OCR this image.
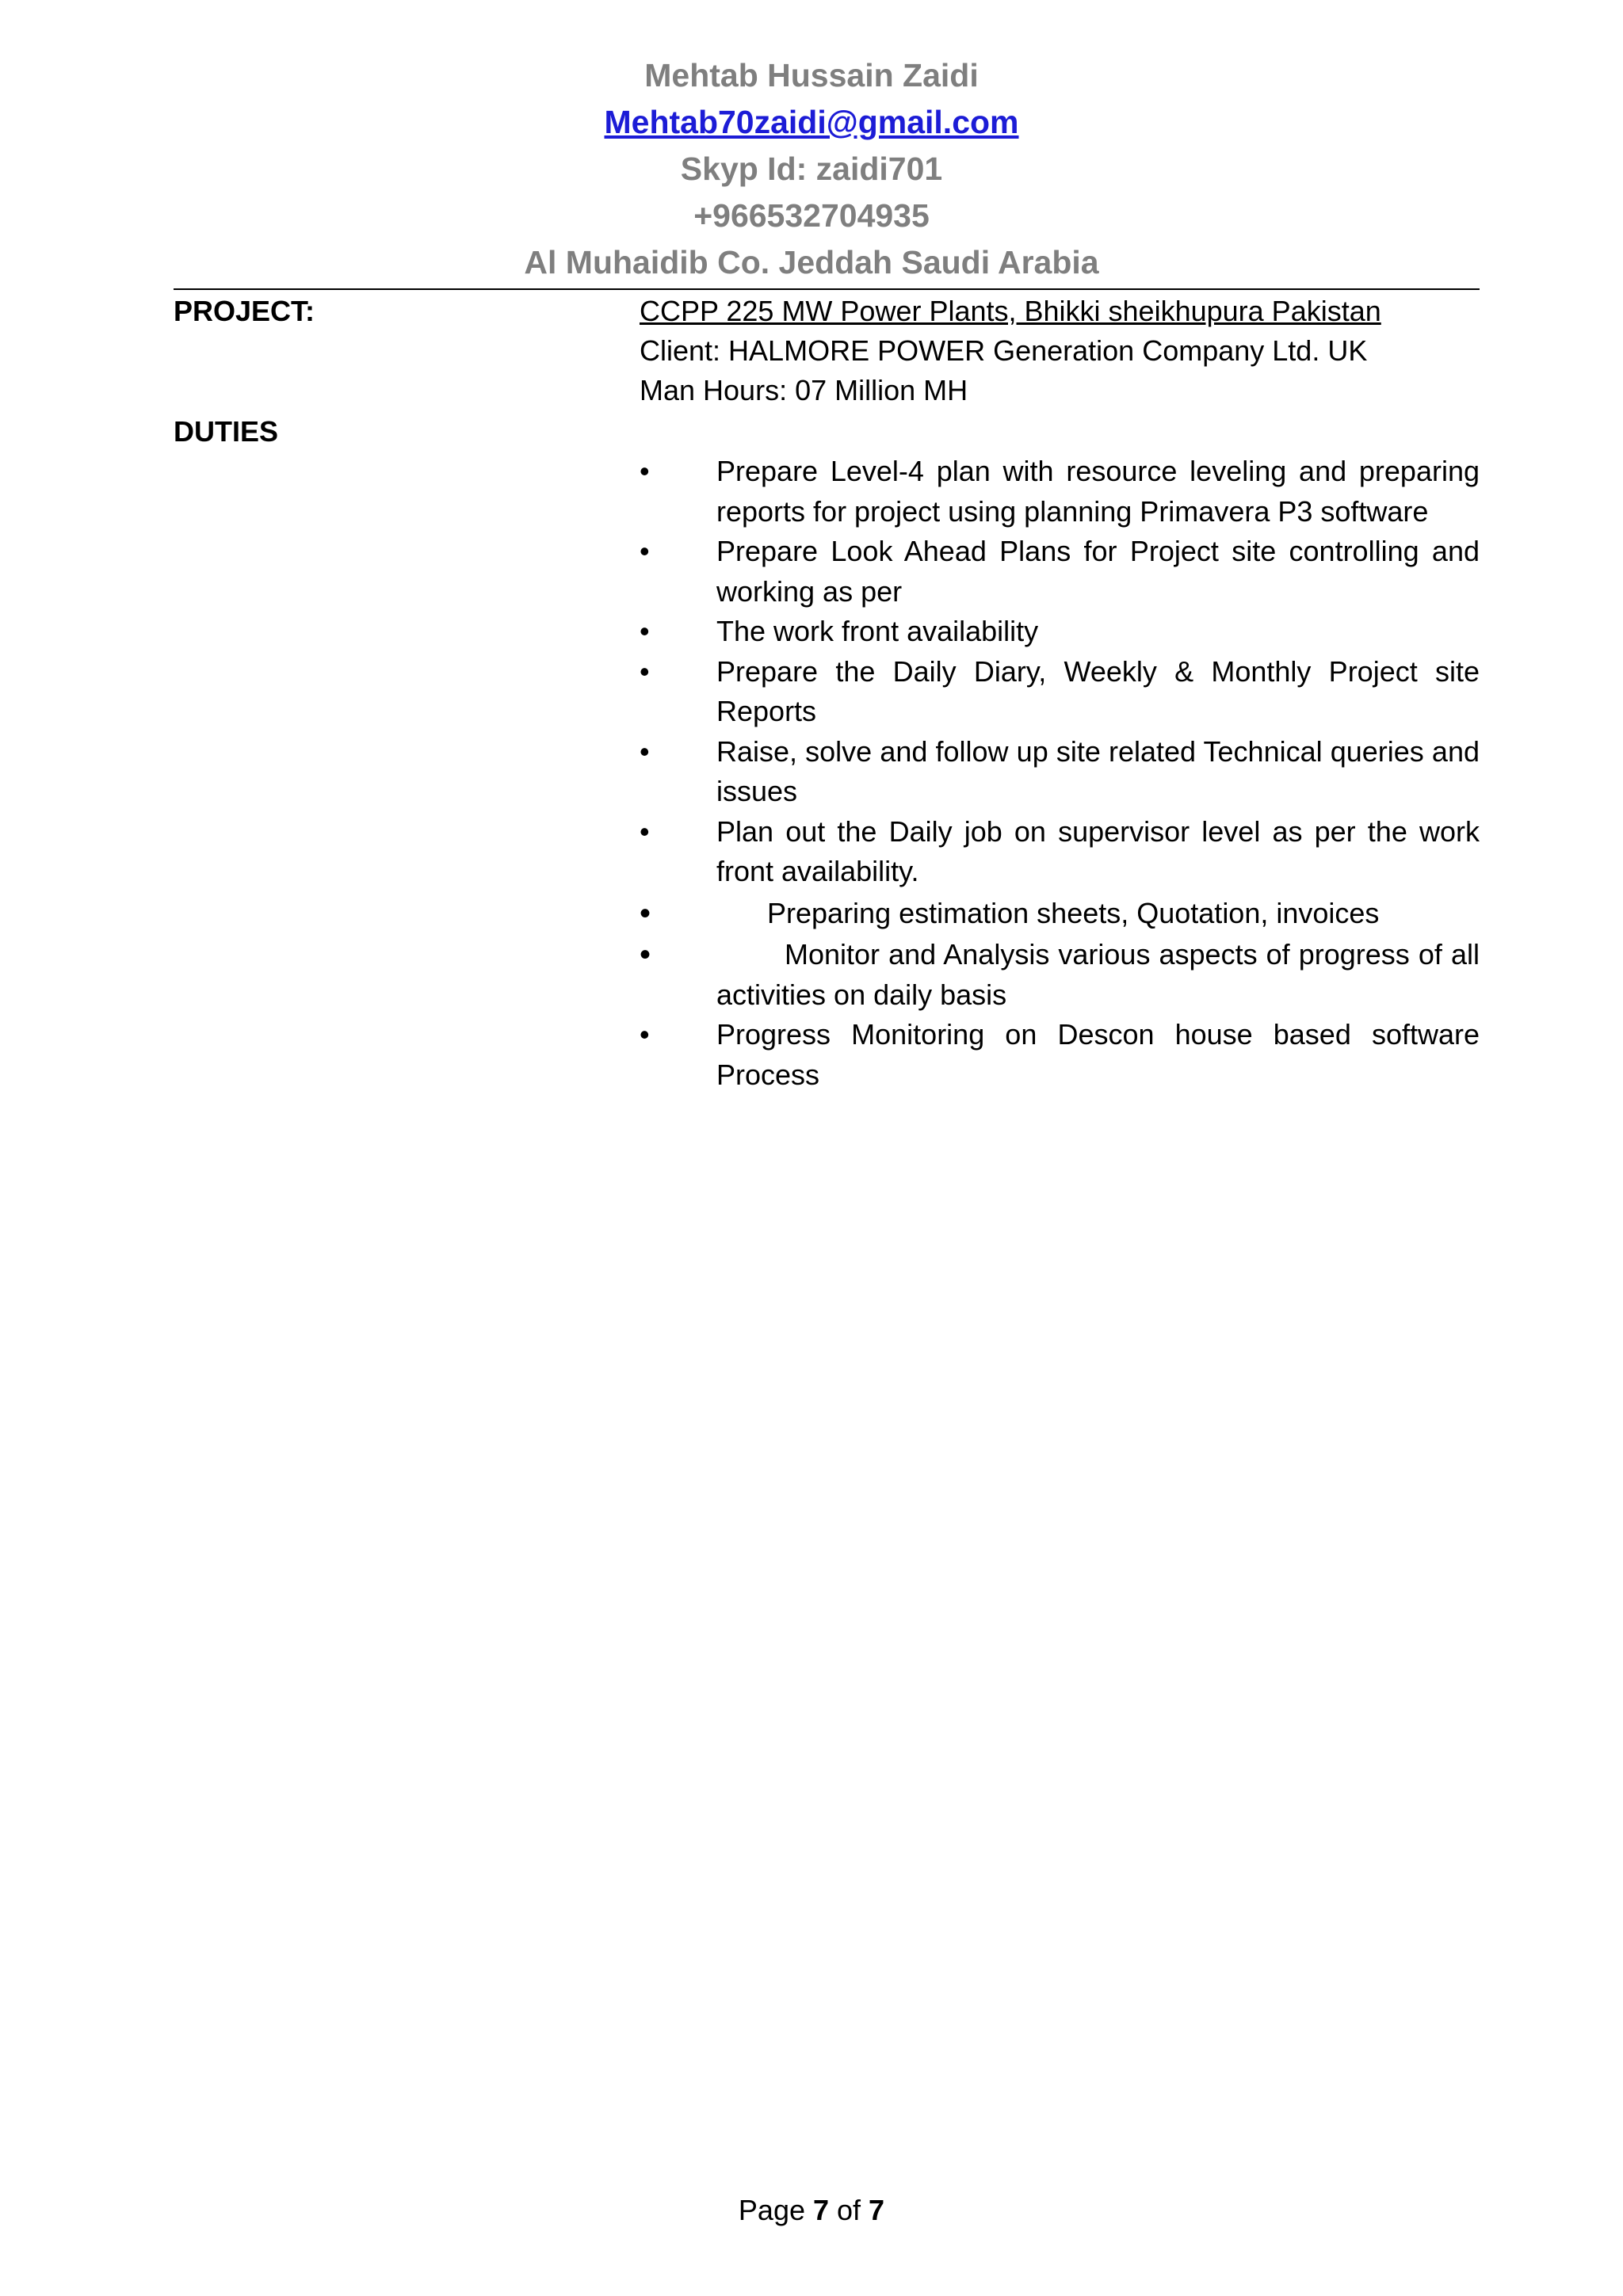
Mehtab Hussain Zaidi
Mehtab70zaidi@gmail.com
Skyp Id: zaidi701
+966532704935
Al Muhaidib Co. Jeddah Saudi Arabia
PROJECT:	CCPP 225 MW Power Plants, Bhikki sheikhupura Pakistan
Client: HALMORE POWER Generation Company Ltd. UK
Man Hours: 07 Million MH
DUTIES
• Prepare Level-4 plan with resource leveling and preparing reports for project using planning Primavera P3 software
• Prepare Look Ahead Plans for Project site controlling and working as per
• The work front availability
• Prepare the Daily Diary, Weekly & Monthly Project site Reports
• Raise, solve and follow up site related Technical queries and issues
• Plan out the Daily job on supervisor level as per the work front availability.
•	Preparing estimation sheets, Quotation, invoices
•	Monitor and Analysis various aspects of progress of all activities on daily basis
• Progress Monitoring on Descon house based software Process
Page 7 of 7
